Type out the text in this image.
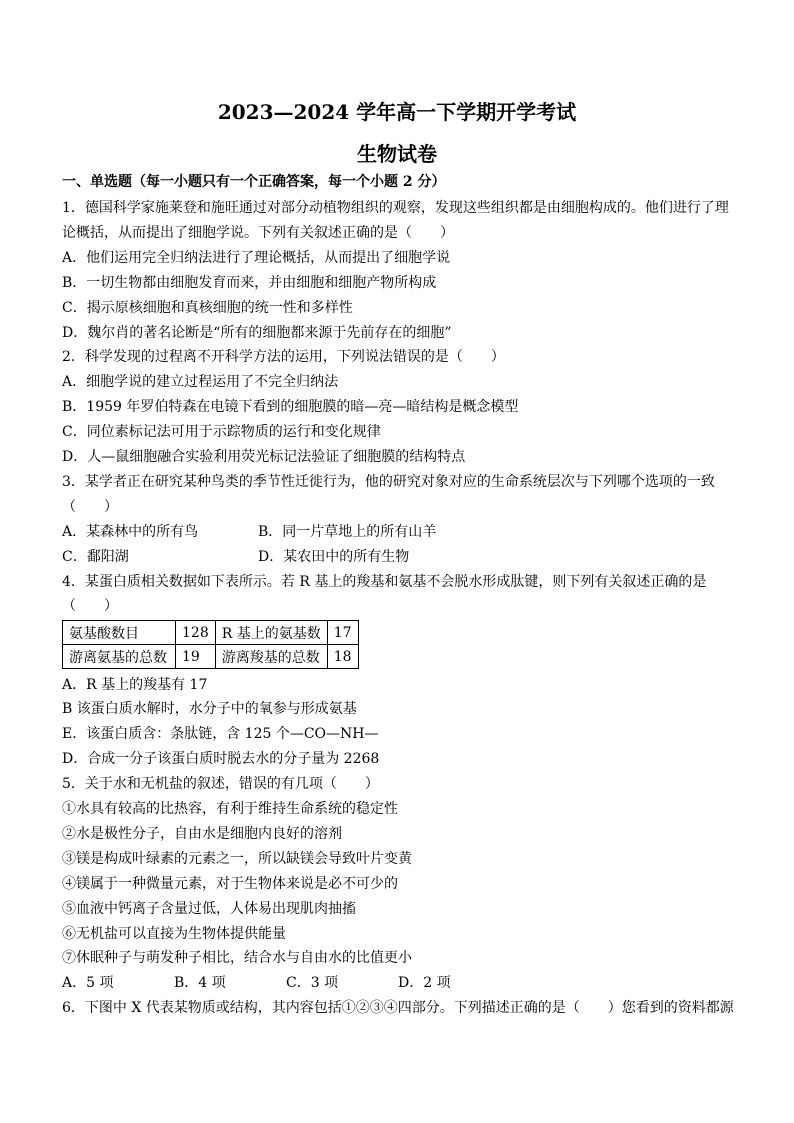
2023—2024 学年高一下学期开学考试
生物试卷
一、单选题（每一小题只有一个正确答案，每一个小题 2 分）
1．德国科学家施莱登和施旺通过对部分动植物组织的观察，发现这些组织都是由细胞构成的。他们进行了理
论概括，从而提出了细胞学说。下列有关叙述正确的是（　　）
A．他们运用完全归纳法进行了理论概括，从而提出了细胞学说
B．一切生物都由细胞发育而来，并由细胞和细胞产物所构成
C．揭示原核细胞和真核细胞的统一性和多样性
D．魏尔肖的著名论断是“所有的细胞都来源于先前存在的细胞”
2．科学发现的过程离不开科学方法的运用，下列说法错误的是（　　）
A．细胞学说的建立过程运用了不完全归纳法
B．1959 年罗伯特森在电镜下看到的细胞膜的暗—亮—暗结构是概念模型
C．同位素标记法可用于示踪物质的运行和变化规律
D．人—鼠细胞融合实验利用荧光标记法验证了细胞膜的结构特点
3．某学者正在研究某种鸟类的季节性迁徙行为，他的研究对象对应的生命系统层次与下列哪个选项的一致
（　　）
A．某森林中的所有鸟	B．同一片草地上的所有山羊
C．鄱阳湖	D．某农田中的所有生物
4．某蛋白质相关数据如下表所示。若 R 基上的羧基和氨基不会脱水形成肽键，则下列有关叙述正确的是
（　　）
氨基酸数目	128	R 基上的氨基数	17
游离氨基的总数	19	游离羧基的总数	18
A．R 基上的羧基有 17
B 该蛋白质水解时，水分子中的氧参与形成氨基
E．该蛋白质含：条肽链，含 125 个—CO—NH—
D．合成一分子该蛋白质时脱去水的分子量为 2268
5．关于水和无机盐的叙述，错误的有几项（　　）
①水具有较高的比热容，有利于维持生命系统的稳定性
②水是极性分子，自由水是细胞内良好的溶剂
③镁是构成叶绿素的元素之一，所以缺镁会导致叶片变黄
④镁属于一种微量元素，对于生物体来说是必不可少的
⑤血液中钙离子含量过低，人体易出现肌肉抽搐
⑥无机盐可以直接为生物体提供能量
⑦休眠种子与萌发种子相比，结合水与自由水的比值更小
A．5 项	B．4 项	C．3 项	D．2 项
6．下图中 X 代表某物质或结构，其内容包括①②③④四部分。下列描述正确的是（　　）您看到的资料都源
